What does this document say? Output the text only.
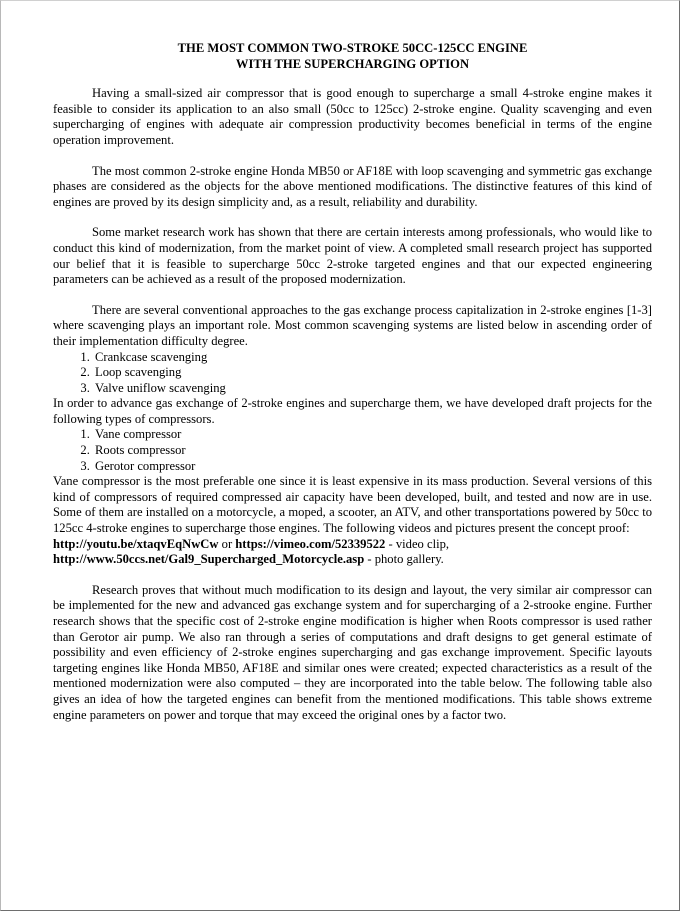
THE MOST COMMON TWO-STROKE 50CC-125CC ENGINE
WITH THE SUPERCHARGING OPTION

Having a small-sized air compressor that is good enough to supercharge a small 4-stroke engine makes it feasible to consider its application to an also small (50cc to 125cc) 2-stroke engine. Quality scavenging and even supercharging of engines with adequate air compression productivity becomes beneficial in terms of the engine operation improvement.

The most common 2-stroke engine Honda MB50 or AF18E with loop scavenging and symmetric gas exchange phases are considered as the objects for the above mentioned modifications. The distinctive features of this kind of engines are proved by its design simplicity and, as a result, reliability and durability.

Some market research work has shown that there are certain interests among professionals, who would like to conduct this kind of modernization, from the market point of view. A completed small research project has supported our belief that it is feasible to supercharge 50cc 2-stroke targeted engines and that our expected engineering parameters can be achieved as a result of the proposed modernization.

There are several conventional approaches to the gas exchange process capitalization in 2-stroke engines [1-3] where scavenging plays an important role. Most common scavenging systems are listed below in ascending order of their implementation difficulty degree.

1. Crankcase scavenging
2. Loop scavenging
3. Valve uniflow scavenging

In order to advance gas exchange of 2-stroke engines and supercharge them, we have developed draft projects for the following types of compressors.

1. Vane compressor
2. Roots compressor
3. Gerotor compressor

Vane compressor is the most preferable one since it is least expensive in its mass production. Several versions of this kind of compressors of required compressed air capacity have been developed, built, and tested and now are in use. Some of them are installed on a motorcycle, a moped, a scooter, an ATV, and other transportations powered by 50cc to 125cc 4-stroke engines to supercharge those engines. The following videos and pictures present the concept proof:

http://youtu.be/xtaqvEqNwCw or https://vimeo.com/52339522 - video clip,

http://www.50ccs.net/Gal9_Supercharged_Motorcycle.asp - photo gallery.

Research proves that without much modification to its design and layout, the very similar air compressor can be implemented for the new and advanced gas exchange system and for supercharging of a 2-strooke engine. Further research shows that the specific cost of 2-stroke engine modification is higher when Roots compressor is used rather than Gerotor air pump. We also ran through a series of computations and draft designs to get general estimate of possibility and even efficiency of 2-stroke engines supercharging and gas exchange improvement. Specific layouts targeting engines like Honda MB50, AF18E and similar ones were created; expected characteristics as a result of the mentioned modernization were also computed – they are incorporated into the table below. The following table also gives an idea of how the targeted engines can benefit from the mentioned modifications. This table shows extreme engine parameters on power and torque that may exceed the original ones by a factor two.
